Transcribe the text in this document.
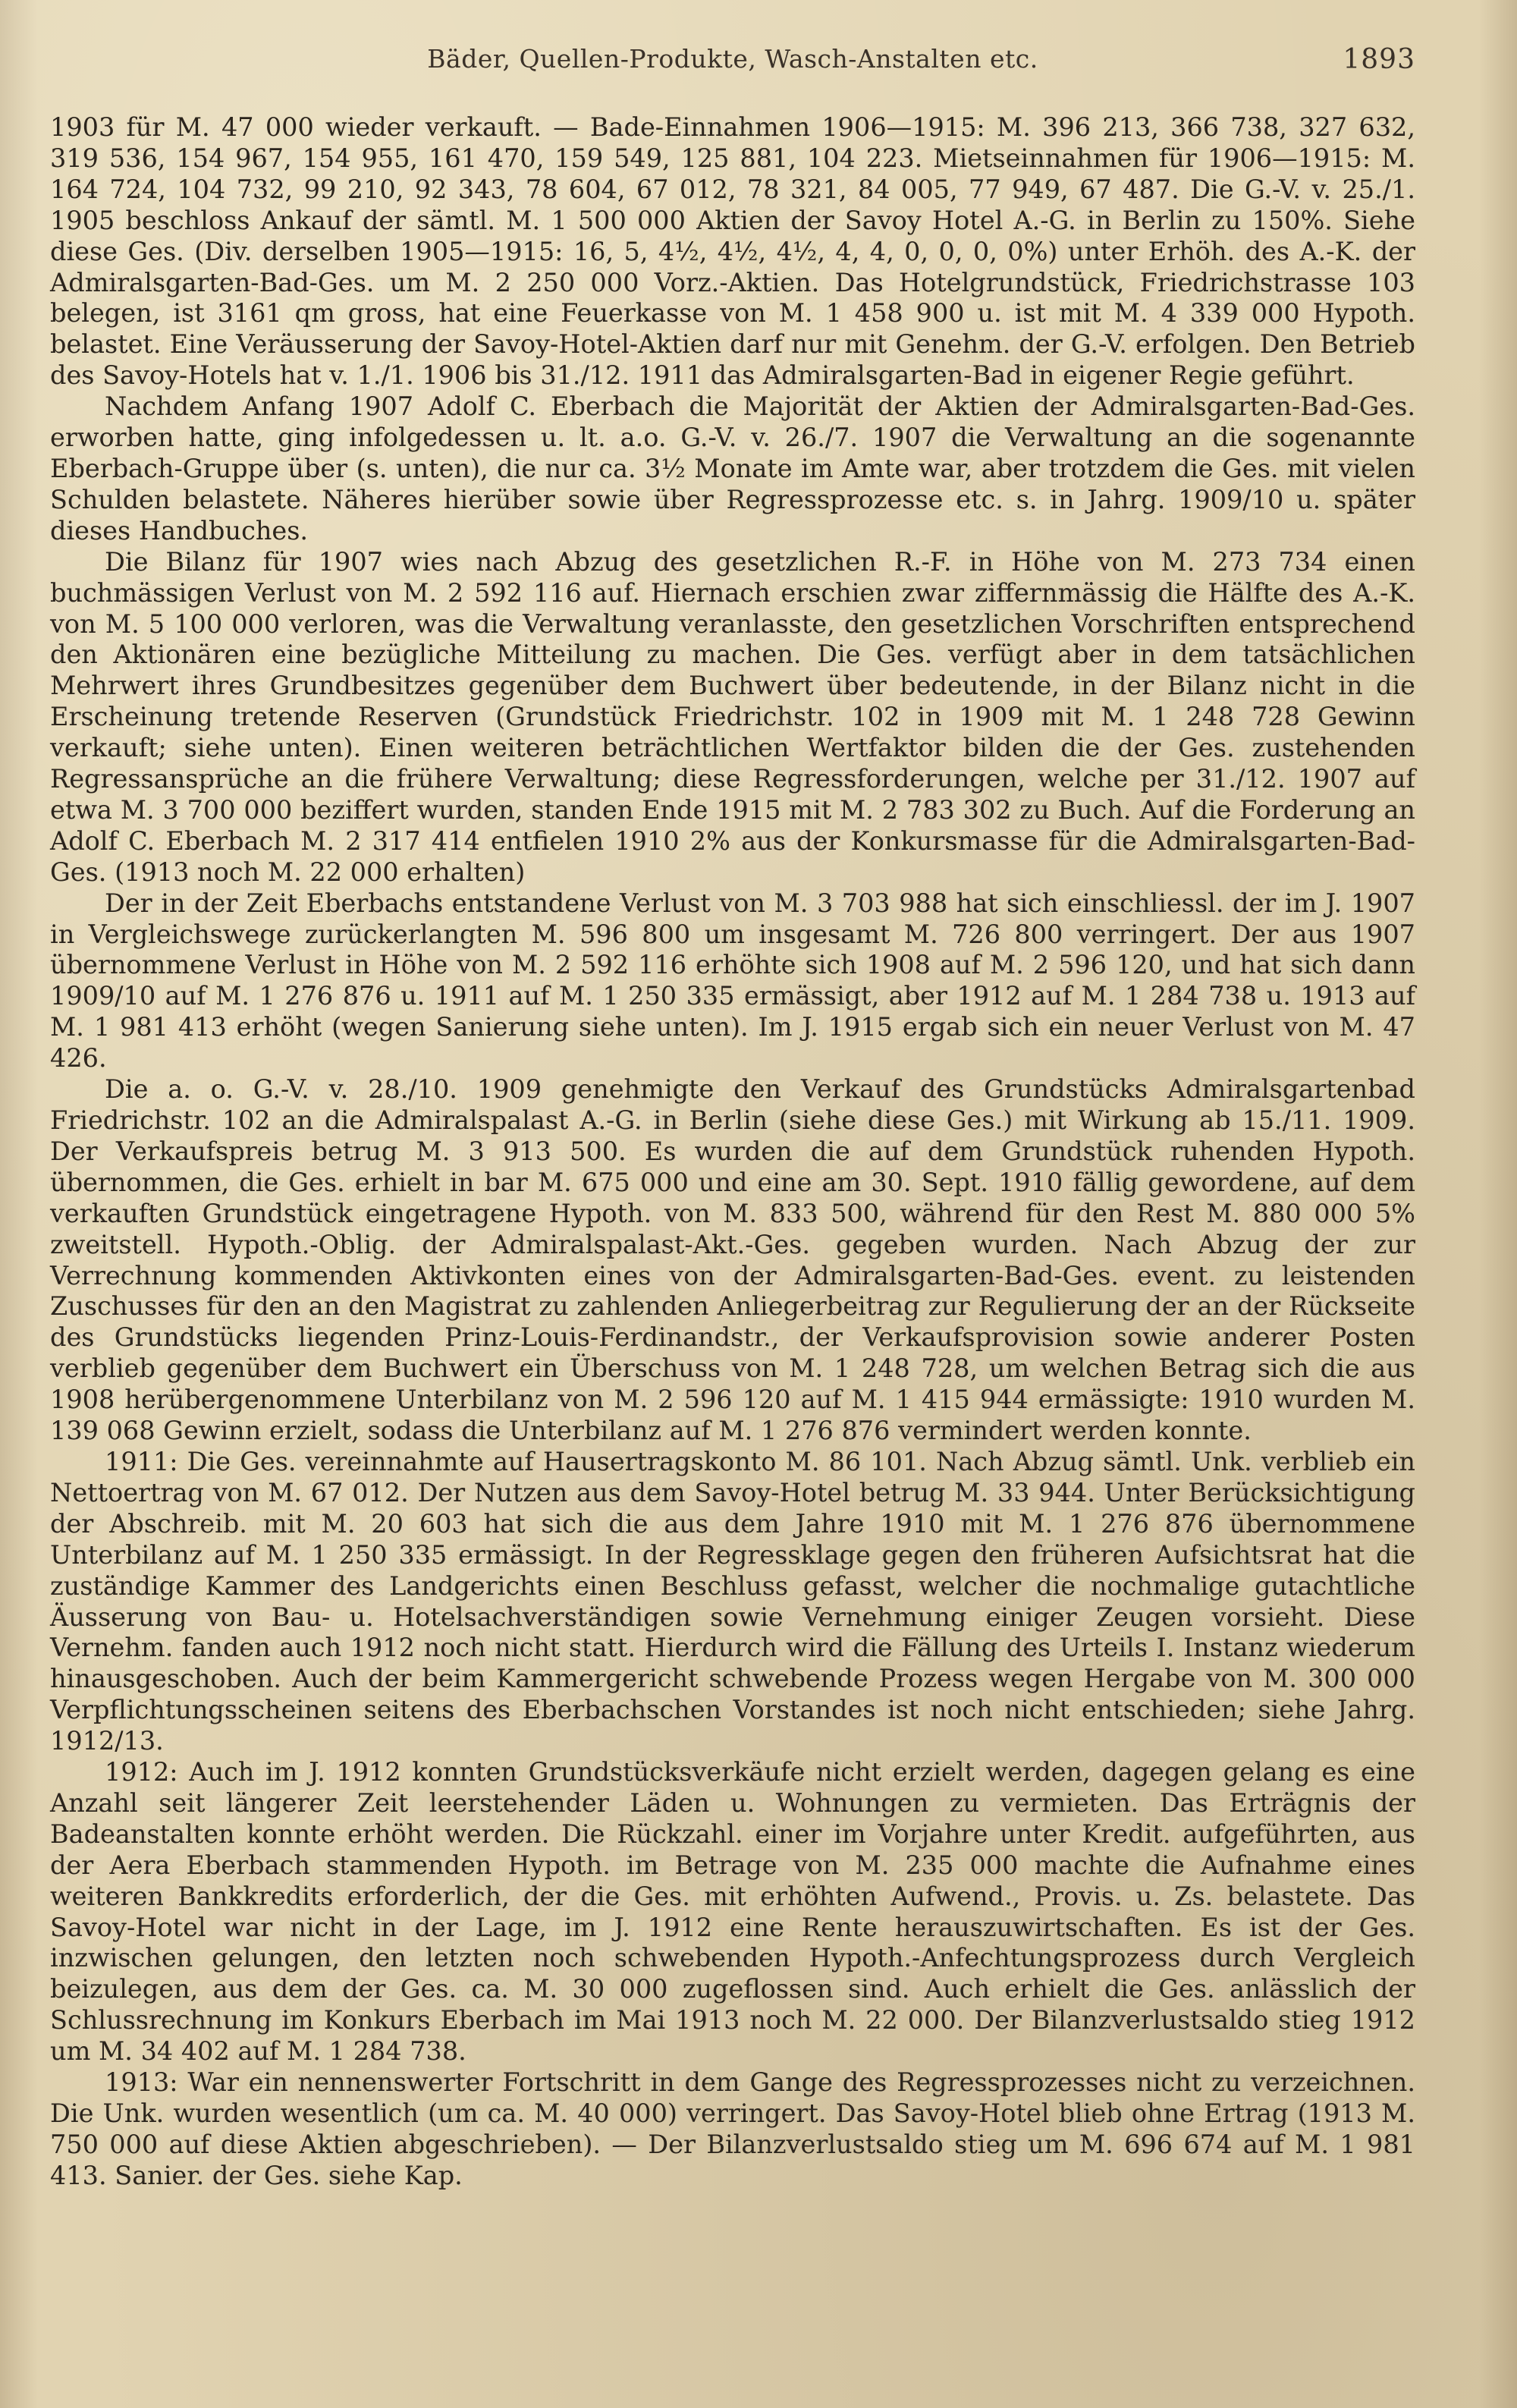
Bäder, Quellen-Produkte, Wasch-Anstalten etc.	1893

1903 für M. 47 000 wieder verkauft. — Bade-Einnahmen 1906—1915: M. 396 213, 366 738, 327 632, 319 536, 154 967, 154 955, 161 470, 159 549, 125 881, 104 223. Mietseinnahmen für 1906—1915: M. 164 724, 104 732, 99 210, 92 343, 78 604, 67 012, 78 321, 84 005, 77 949, 67 487. Die G.-V. v. 25./1. 1905 beschloss Ankauf der sämtl. M. 1 500 000 Aktien der Savoy Hotel A.-G. in Berlin zu 150%. Siehe diese Ges. (Div. derselben 1905—1915: 16, 5, 4½, 4½, 4½, 4, 4, 0, 0, 0, 0%) unter Erhöh. des A.-K. der Admiralsgarten-Bad-Ges. um M. 2 250 000 Vorz.-Aktien. Das Hotelgrundstück, Friedrichstrasse 103 belegen, ist 3161 qm gross, hat eine Feuerkasse von M. 1 458 900 u. ist mit M. 4 339 000 Hypoth. belastet. Eine Veräusserung der Savoy-Hotel-Aktien darf nur mit Genehm. der G.-V. erfolgen. Den Betrieb des Savoy-Hotels hat v. 1./1. 1906 bis 31./12. 1911 das Admiralsgarten-Bad in eigener Regie geführt.

Nachdem Anfang 1907 Adolf C. Eberbach die Majorität der Aktien der Admiralsgarten-Bad-Ges. erworben hatte, ging infolgedessen u. lt. a.o. G.-V. v. 26./7. 1907 die Verwaltung an die sogenannte Eberbach-Gruppe über (s. unten), die nur ca. 3½ Monate im Amte war, aber trotzdem die Ges. mit vielen Schulden belastete. Näheres hierüber sowie über Regressprozesse etc. s. in Jahrg. 1909/10 u. später dieses Handbuches.

Die Bilanz für 1907 wies nach Abzug des gesetzlichen R.-F. in Höhe von M. 273 734 einen buchmässigen Verlust von M. 2 592 116 auf. Hiernach erschien zwar ziffernmässig die Hälfte des A.-K. von M. 5 100 000 verloren, was die Verwaltung veranlasste, den gesetzlichen Vorschriften entsprechend den Aktionären eine bezügliche Mitteilung zu machen. Die Ges. verfügt aber in dem tatsächlichen Mehrwert ihres Grundbesitzes gegenüber dem Buchwert über bedeutende, in der Bilanz nicht in die Erscheinung tretende Reserven (Grundstück Friedrichstr. 102 in 1909 mit M. 1 248 728 Gewinn verkauft; siehe unten). Einen weiteren beträchtlichen Wertfaktor bilden die der Ges. zustehenden Regressansprüche an die frühere Verwaltung; diese Regressforderungen, welche per 31./12. 1907 auf etwa M. 3 700 000 beziffert wurden, standen Ende 1915 mit M. 2 783 302 zu Buch. Auf die Forderung an Adolf C. Eberbach M. 2 317 414 entfielen 1910 2% aus der Konkursmasse für die Admiralsgarten-Bad-Ges. (1913 noch M. 22 000 erhalten)

Der in der Zeit Eberbachs entstandene Verlust von M. 3 703 988 hat sich einschliessl. der im J. 1907 in Vergleichswege zurückerlangten M. 596 800 um insgesamt M. 726 800 verringert. Der aus 1907 übernommene Verlust in Höhe von M. 2 592 116 erhöhte sich 1908 auf M. 2 596 120, und hat sich dann 1909/10 auf M. 1 276 876 u. 1911 auf M. 1 250 335 ermässigt, aber 1912 auf M. 1 284 738 u. 1913 auf M. 1 981 413 erhöht (wegen Sanierung siehe unten). Im J. 1915 ergab sich ein neuer Verlust von M. 47 426.

Die a. o. G.-V. v. 28./10. 1909 genehmigte den Verkauf des Grundstücks Admiralsgartenbad Friedrichstr. 102 an die Admiralspalast A.-G. in Berlin (siehe diese Ges.) mit Wirkung ab 15./11. 1909. Der Verkaufspreis betrug M. 3 913 500. Es wurden die auf dem Grundstück ruhenden Hypoth. übernommen, die Ges. erhielt in bar M. 675 000 und eine am 30. Sept. 1910 fällig gewordene, auf dem verkauften Grundstück eingetragene Hypoth. von M. 833 500, während für den Rest M. 880 000 5% zweitstell. Hypoth.-Oblig. der Admiralspalast-Akt.-Ges. gegeben wurden. Nach Abzug der zur Verrechnung kommenden Aktivkonten eines von der Admiralsgarten-Bad-Ges. event. zu leistenden Zuschusses für den an den Magistrat zu zahlenden Anliegerbeitrag zur Regulierung der an der Rückseite des Grundstücks liegenden Prinz-Louis-Ferdinandstr., der Verkaufsprovision sowie anderer Posten verblieb gegenüber dem Buchwert ein Überschuss von M. 1 248 728, um welchen Betrag sich die aus 1908 herübergenommene Unterbilanz von M. 2 596 120 auf M. 1 415 944 ermässigte: 1910 wurden M. 139 068 Gewinn erzielt, sodass die Unterbilanz auf M. 1 276 876 vermindert werden konnte.

1911: Die Ges. vereinnahmte auf Hausertragskonto M. 86 101. Nach Abzug sämtl. Unk. verblieb ein Nettoertrag von M. 67 012. Der Nutzen aus dem Savoy-Hotel betrug M. 33 944. Unter Berücksichtigung der Abschreib. mit M. 20 603 hat sich die aus dem Jahre 1910 mit M. 1 276 876 übernommene Unterbilanz auf M. 1 250 335 ermässigt. In der Regressklage gegen den früheren Aufsichtsrat hat die zuständige Kammer des Landgerichts einen Beschluss gefasst, welcher die nochmalige gutachtliche Äusserung von Bau- u. Hotelsachverständigen sowie Vernehmung einiger Zeugen vorsieht. Diese Vernehm. fanden auch 1912 noch nicht statt. Hierdurch wird die Fällung des Urteils I. Instanz wiederum hinausgeschoben. Auch der beim Kammergericht schwebende Prozess wegen Hergabe von M. 300 000 Verpflichtungsscheinen seitens des Eberbachschen Vorstandes ist noch nicht entschieden; siehe Jahrg. 1912/13.

1912: Auch im J. 1912 konnten Grundstücksverkäufe nicht erzielt werden, dagegen gelang es eine Anzahl seit längerer Zeit leerstehender Läden u. Wohnungen zu vermieten. Das Erträgnis der Badeanstalten konnte erhöht werden. Die Rückzahl. einer im Vorjahre unter Kredit. aufgeführten, aus der Aera Eberbach stammenden Hypoth. im Betrage von M. 235 000 machte die Aufnahme eines weiteren Bankkredits erforderlich, der die Ges. mit erhöhten Aufwend., Provis. u. Zs. belastete. Das Savoy-Hotel war nicht in der Lage, im J. 1912 eine Rente herauszuwirtschaften. Es ist der Ges. inzwischen gelungen, den letzten noch schwebenden Hypoth.-Anfechtungsprozess durch Vergleich beizulegen, aus dem der Ges. ca. M. 30 000 zugeflossen sind. Auch erhielt die Ges. anlässlich der Schlussrechnung im Konkurs Eberbach im Mai 1913 noch M. 22 000. Der Bilanzverlustsaldo stieg 1912 um M. 34 402 auf M. 1 284 738.

1913: War ein nennenswerter Fortschritt in dem Gange des Regressprozesses nicht zu verzeichnen. Die Unk. wurden wesentlich (um ca. M. 40 000) verringert. Das Savoy-Hotel blieb ohne Ertrag (1913 M. 750 000 auf diese Aktien abgeschrieben). — Der Bilanzverlustsaldo stieg um M. 696 674 auf M. 1 981 413. Sanier. der Ges. siehe Kap.
